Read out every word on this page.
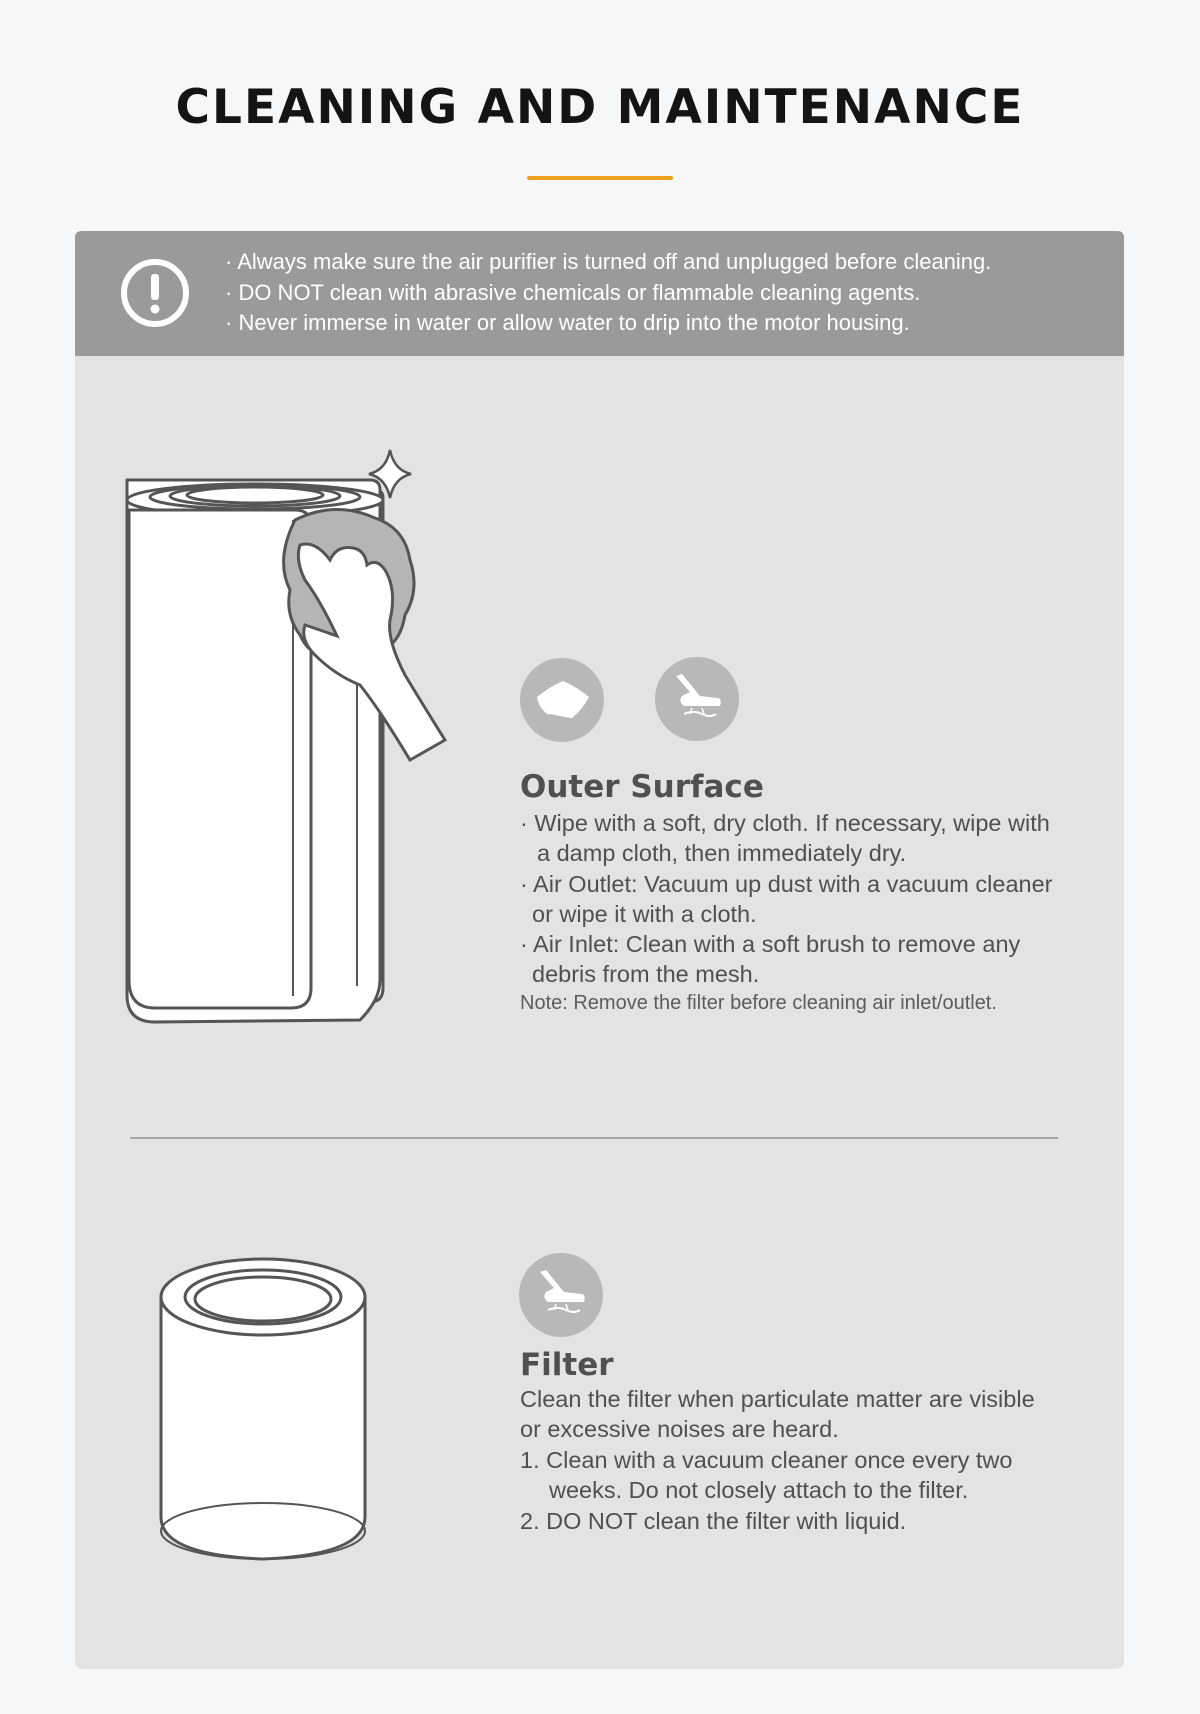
CLEANING AND MAINTENANCE
· Always make sure the air purifier is turned off and unplugged before cleaning.
· DO NOT clean with abrasive chemicals or flammable cleaning agents.
· Never immerse in water or allow water to drip into the motor housing.
Outer Surface
· Wipe with a soft, dry cloth. If necessary, wipe with
a damp cloth, then immediately dry.
· Air Outlet: Vacuum up dust with a vacuum cleaner
or wipe it with a cloth.
· Air Inlet: Clean with a soft brush to remove any
debris from the mesh.

Note: Remove the filter before cleaning air inlet/outlet.

Filter
Clean the filter when particulate matter are visible
or excessive noises are heard.
1. Clean with a vacuum cleaner once every two
weeks. Do not closely attach to the filter.
2. DO NOT clean the filter with liquid.
